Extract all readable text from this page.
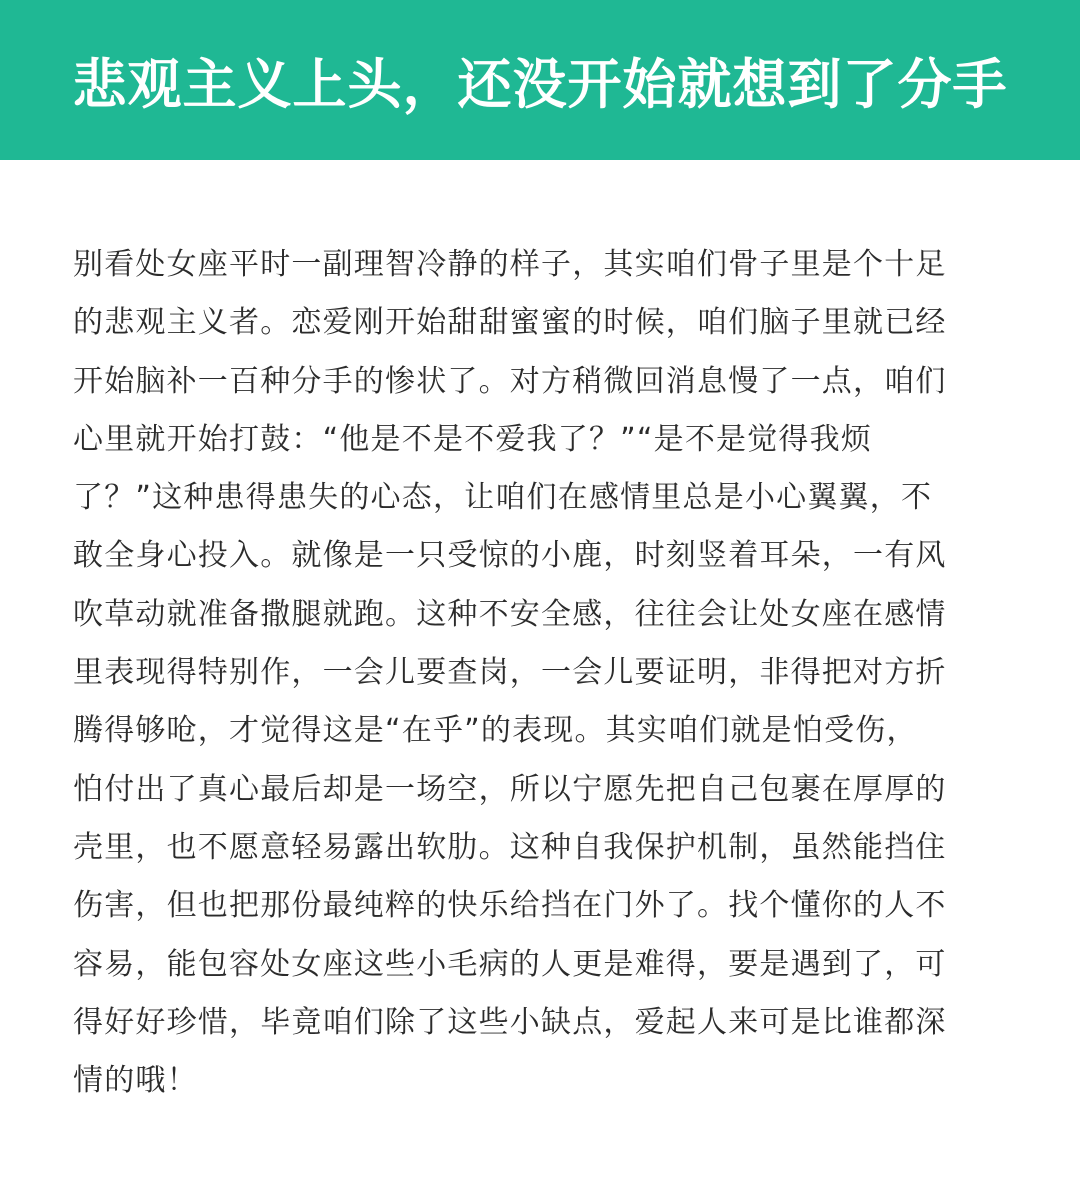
悲观主义上头，还没开始就想到了分手
别看处女座平时一副理智冷静的样子，其实咱们骨子里是个十足
的悲观主义者。恋爱刚开始甜甜蜜蜜的时候，咱们脑子里就已经
开始脑补一百种分手的惨状了。对方稍微回消息慢了一点，咱们
心里就开始打鼓：“他是不是不爱我了？”“是不是觉得我烦
了？”这种患得患失的心态，让咱们在感情里总是小心翼翼，不
敢全身心投入。就像是一只受惊的小鹿，时刻竖着耳朵，一有风
吹草动就准备撒腿就跑。这种不安全感，往往会让处女座在感情
里表现得特别作，一会儿要查岗，一会儿要证明，非得把对方折
腾得够呛，才觉得这是“在乎”的表现。其实咱们就是怕受伤，
怕付出了真心最后却是一场空，所以宁愿先把自己包裹在厚厚的
壳里，也不愿意轻易露出软肋。这种自我保护机制，虽然能挡住
伤害，但也把那份最纯粹的快乐给挡在门外了。找个懂你的人不
容易，能包容处女座这些小毛病的人更是难得，要是遇到了，可
得好好珍惜，毕竟咱们除了这些小缺点，爱起人来可是比谁都深
情的哦！
